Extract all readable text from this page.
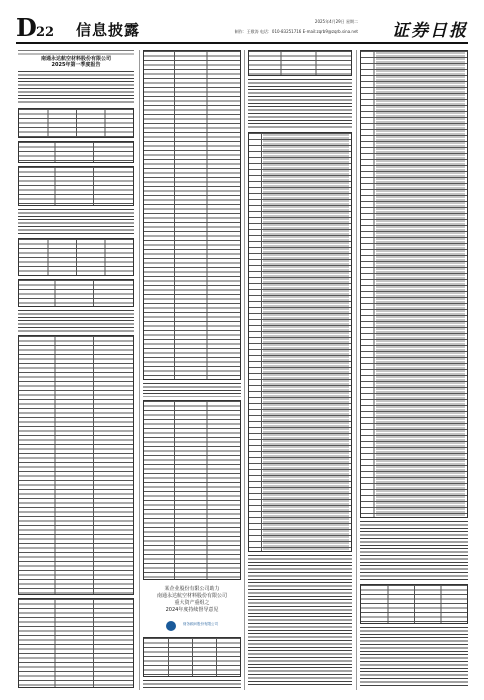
D 22 信息披露	2025年4月29日 星期二
制作：王敬涛 电话：010-83251716 E-mail:zqrb9@zqrb.sina.net 证券日报
南通永达航空材料股份有限公司
2025年第一季度报告
某企业股份有限公司助力
南通永达航空材料股份有限公司
重大资产重组之
2024年度持续督导意见
财务顾问股份有限公司
